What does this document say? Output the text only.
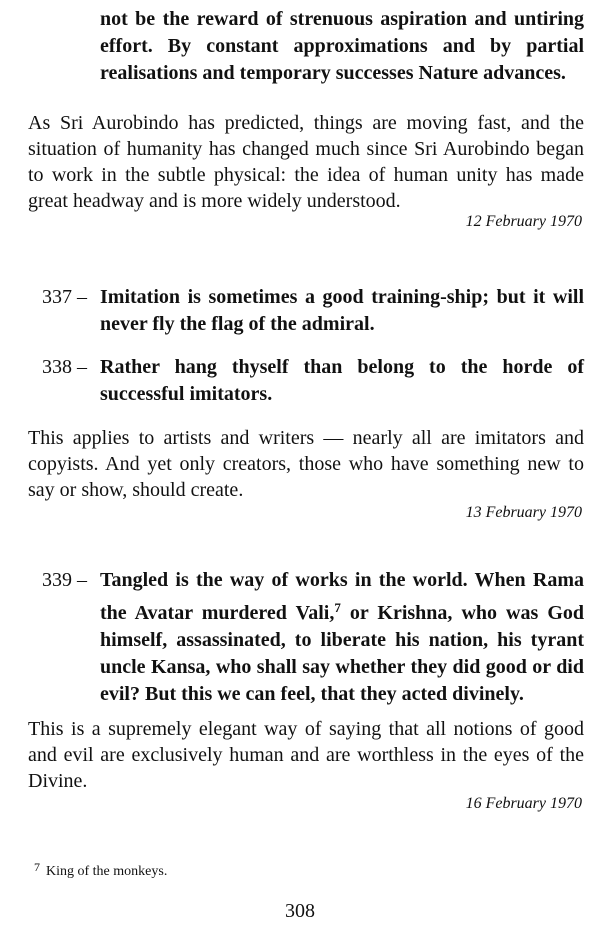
not be the reward of strenuous aspiration and untiring effort. By constant approximations and by partial realisations and temporary successes Nature advances.
As Sri Aurobindo has predicted, things are moving fast, and the situation of humanity has changed much since Sri Aurobindo began to work in the subtle physical: the idea of human unity has made great headway and is more widely understood.
12 February 1970
337 – Imitation is sometimes a good training-ship; but it will never fly the flag of the admiral.
338 – Rather hang thyself than belong to the horde of successful imitators.
This applies to artists and writers — nearly all are imitators and copyists. And yet only creators, those who have something new to say or show, should create.
13 February 1970
339 – Tangled is the way of works in the world. When Rama the Avatar murdered Vali,$^7$ or Krishna, who was God himself, assassinated, to liberate his nation, his tyrant uncle Kansa, who shall say whether they did good or did evil? But this we can feel, that they acted divinely.
This is a supremely elegant way of saying that all notions of good and evil are exclusively human and are worthless in the eyes of the Divine.
16 February 1970
7 King of the monkeys.
308
